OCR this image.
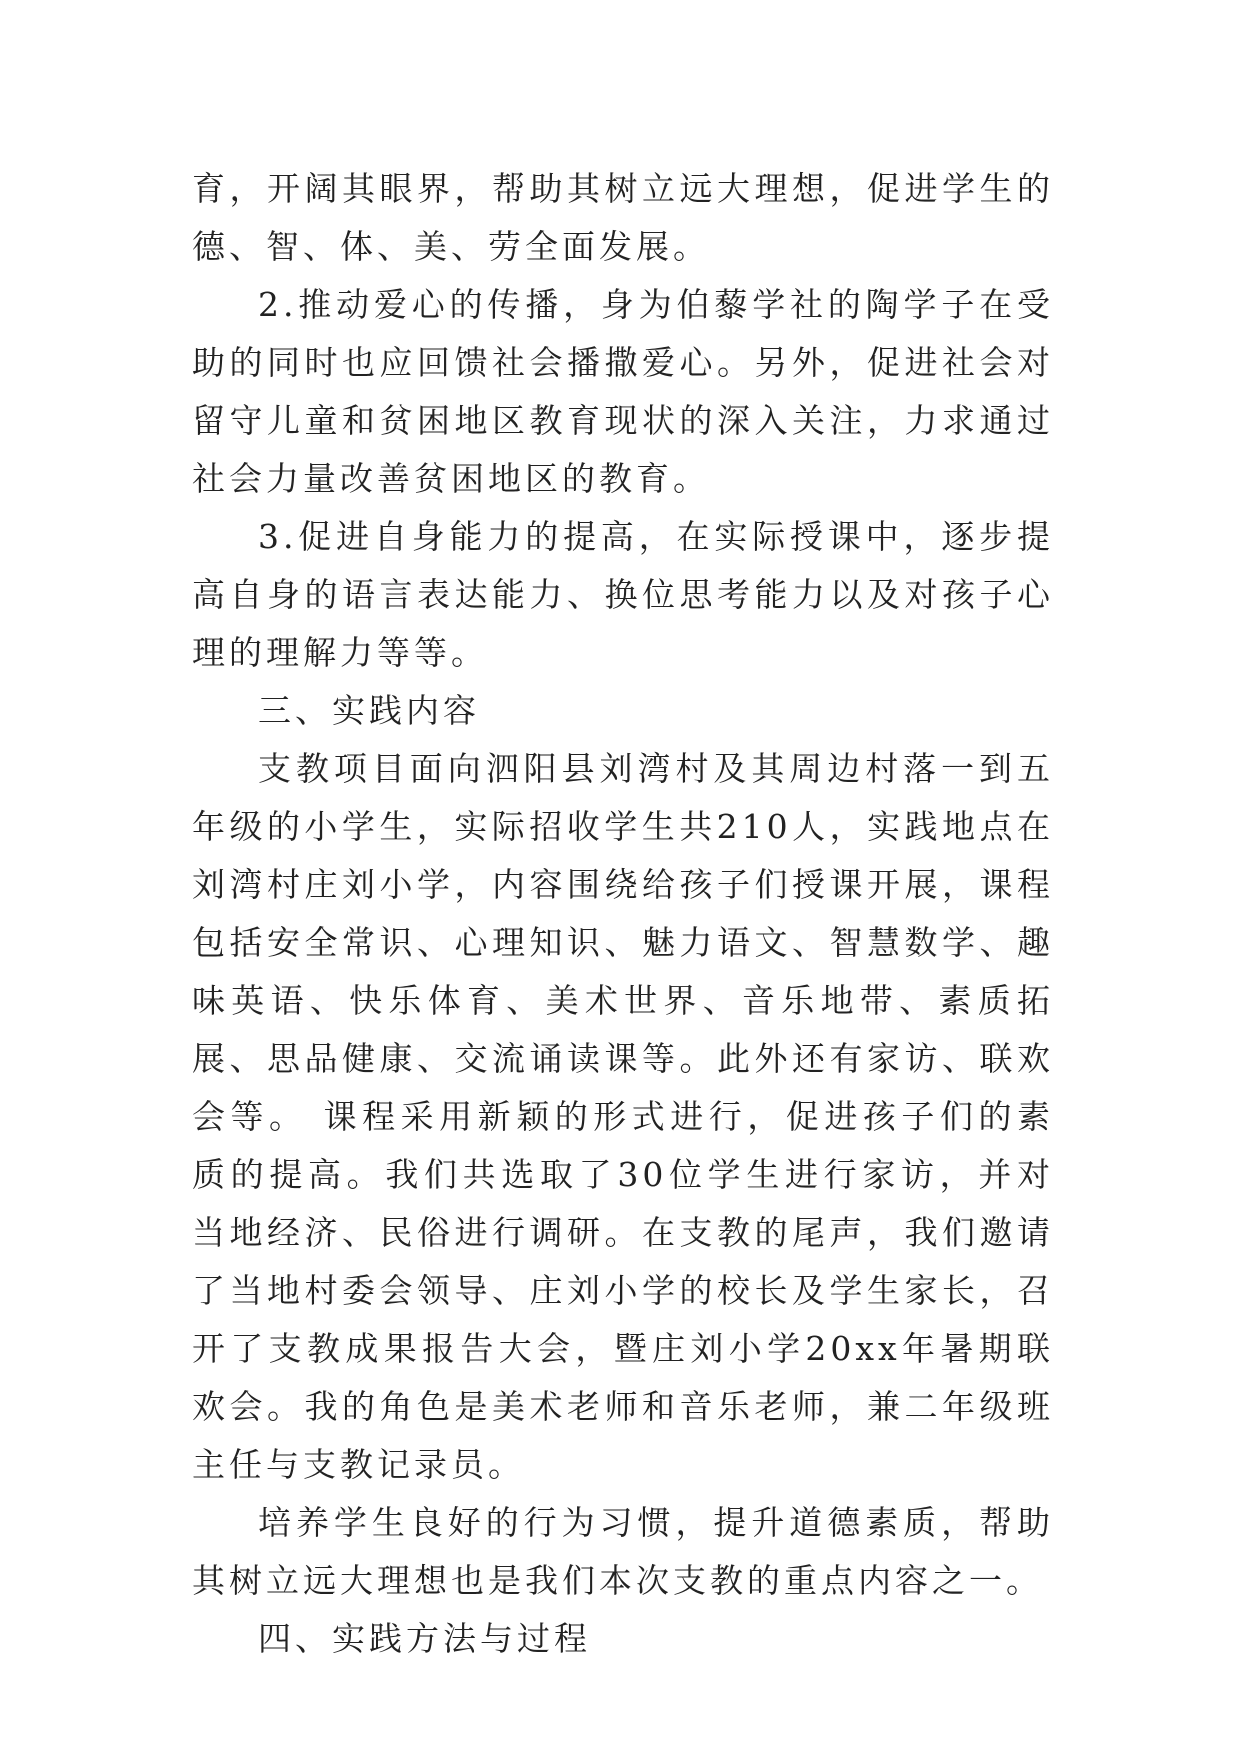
育，开阔其眼界，帮助其树立远大理想，促进学生的德、智、体、美、劳全面发展。

2.推动爱心的传播，身为伯藜学社的陶学子在受助的同时也应回馈社会播撒爱心。另外，促进社会对留守儿童和贫困地区教育现状的深入关注，力求通过社会力量改善贫困地区的教育。

3.促进自身能力的提高，在实际授课中，逐步提高自身的语言表达能力、换位思考能力以及对孩子心理的理解力等等。

三、实践内容

支教项目面向泗阳县刘湾村及其周边村落一到五年级的小学生，实际招收学生共210人，实践地点在刘湾村庄刘小学，内容围绕给孩子们授课开展，课程包括安全常识、心理知识、魅力语文、智慧数学、趣味英语、快乐体育、美术世界、音乐地带、素质拓展、思品健康、交流诵读课等。此外还有家访、联欢会等。 课程采用新颖的形式进行，促进孩子们的素质的提高。我们共选取了30位学生进行家访，并对当地经济、民俗进行调研。在支教的尾声，我们邀请了当地村委会领导、庄刘小学的校长及学生家长，召开了支教成果报告大会，暨庄刘小学20xx年暑期联欢会。我的角色是美术老师和音乐老师，兼二年级班主任与支教记录员。

培养学生良好的行为习惯，提升道德素质，帮助其树立远大理想也是我们本次支教的重点内容之一。

四、实践方法与过程
